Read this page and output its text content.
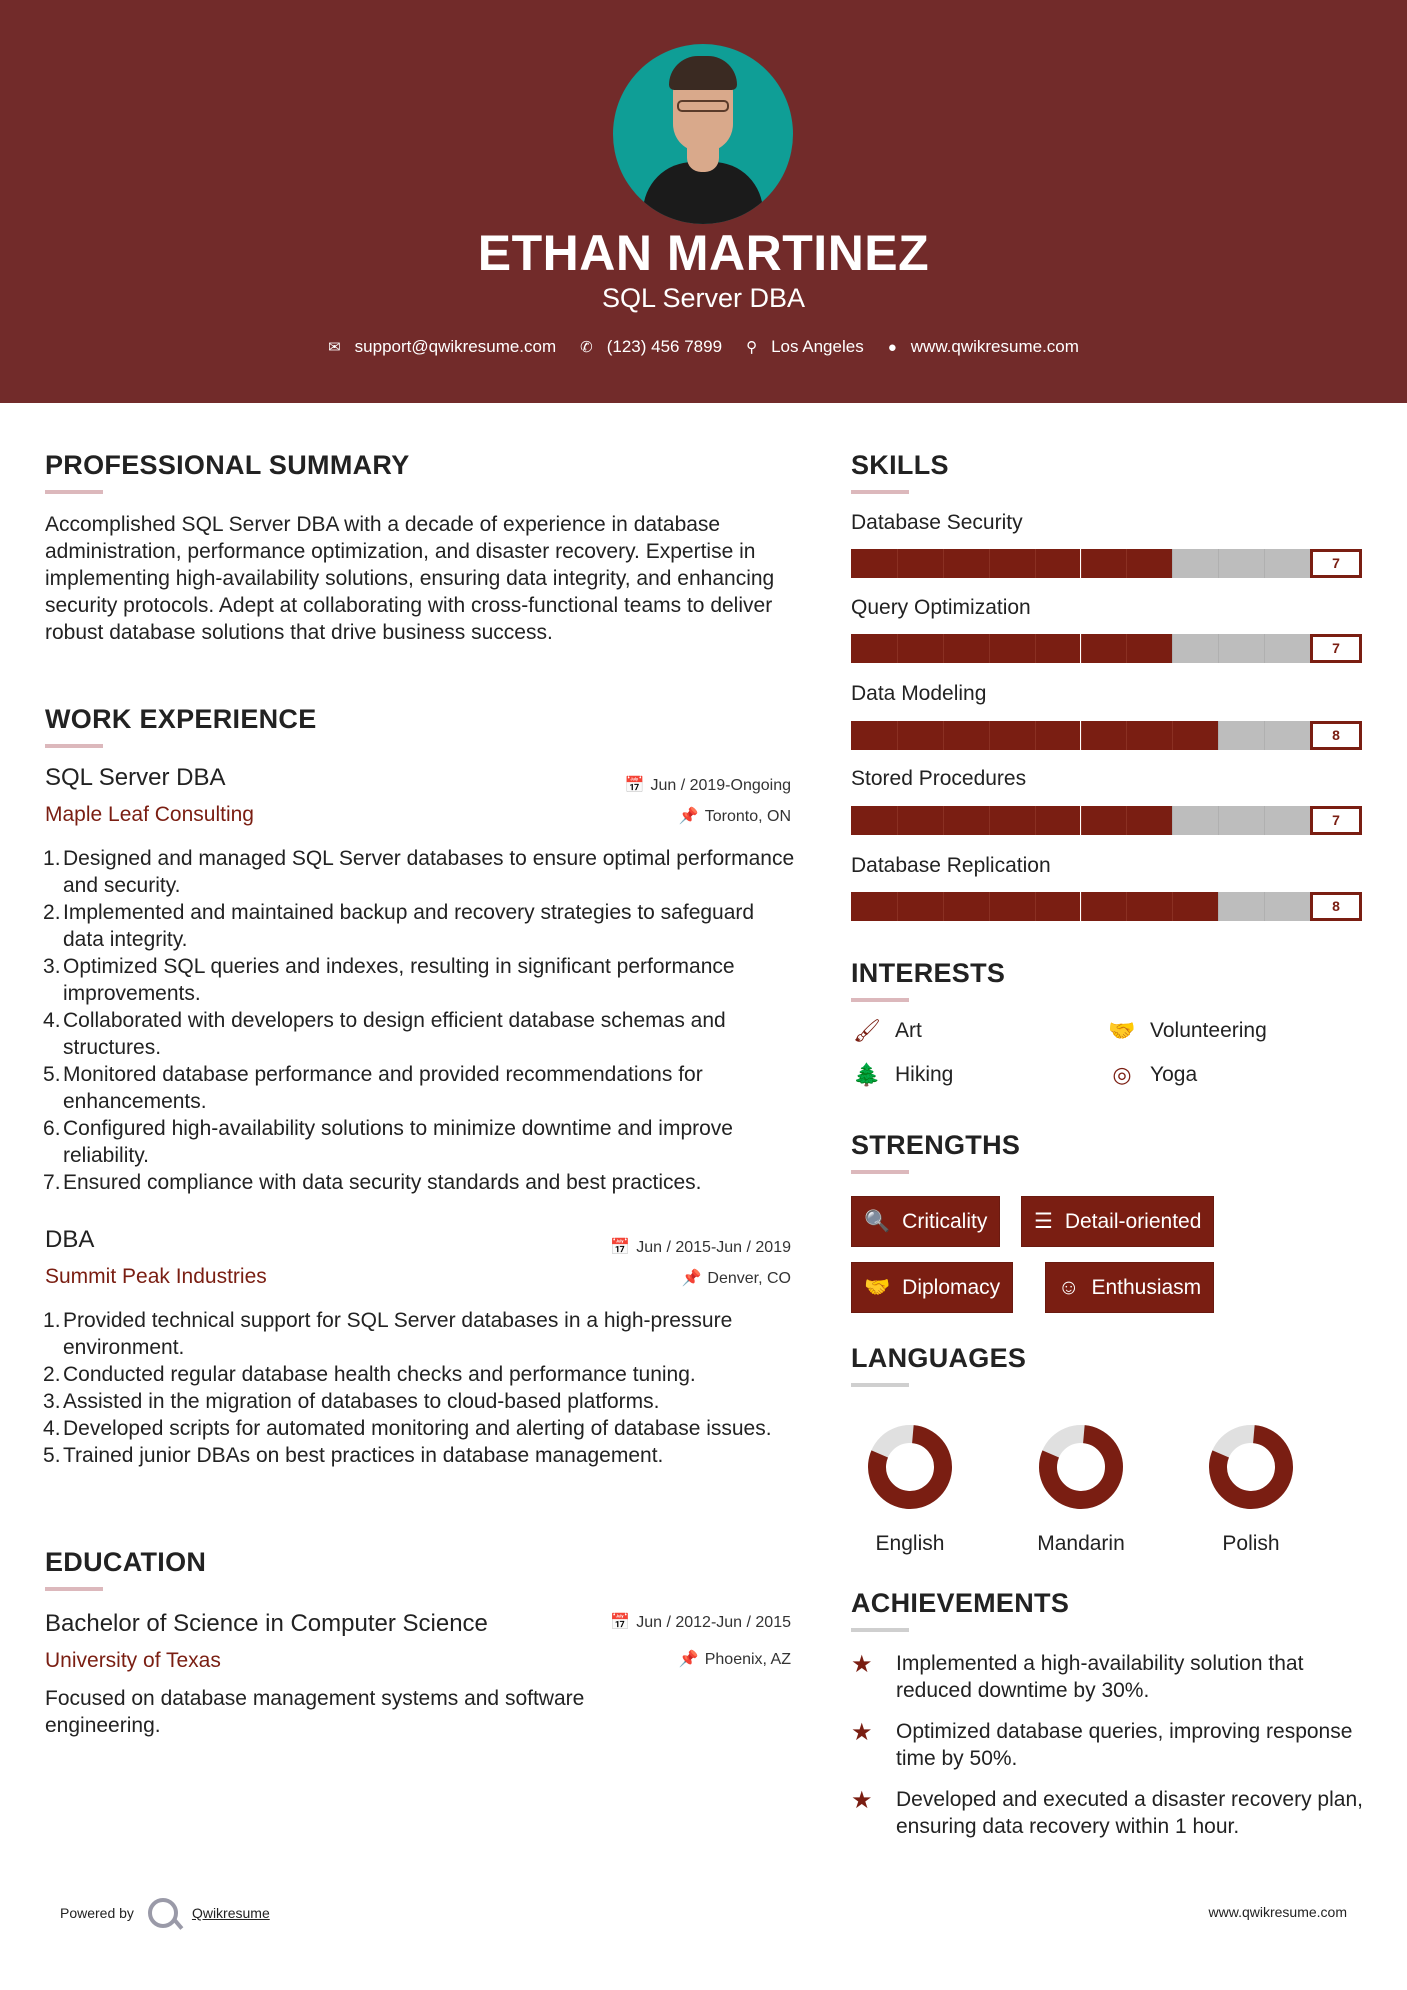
ETHAN MARTINEZ
SQL Server DBA
✉ support@qwikresume.com ✆ (123) 456 7899 ⚲ Los Angeles ● www.qwikresume.com
PROFESSIONAL SUMMARY
Accomplished SQL Server DBA with a decade of experience in database administration, performance optimization, and disaster recovery. Expertise in implementing high-availability solutions, ensuring data integrity, and enhancing security protocols. Adept at collaborating with cross-functional teams to deliver robust database solutions that drive business success.
WORK EXPERIENCE
SQL Server DBA
Maple Leaf Consulting
📅 Jun / 2019-Ongoing
📌 Toronto, ON
Designed and managed SQL Server databases to ensure optimal performance and security.
Implemented and maintained backup and recovery strategies to safeguard data integrity.
Optimized SQL queries and indexes, resulting in significant performance improvements.
Collaborated with developers to design efficient database schemas and structures.
Monitored database performance and provided recommendations for enhancements.
Configured high-availability solutions to minimize downtime and improve reliability.
Ensured compliance with data security standards and best practices.
DBA
Summit Peak Industries
📅 Jun / 2015-Jun / 2019
📌 Denver, CO
Provided technical support for SQL Server databases in a high-pressure environment.
Conducted regular database health checks and performance tuning.
Assisted in the migration of databases to cloud-based platforms.
Developed scripts for automated monitoring and alerting of database issues.
Trained junior DBAs on best practices in database management.
EDUCATION
Bachelor of Science in Computer Science
University of Texas
📅 Jun / 2012-Jun / 2015
📌 Phoenix, AZ
Focused on database management systems and software engineering.
SKILLS
Database Security
7
Query Optimization
7
Data Modeling
8
Stored Procedures
7
Database Replication
8
INTERESTS
🖌 Art	🤝 Volunteering
🌲 Hiking	◎ Yoga
STRENGTHS
🔍 Criticality ☰ Detail-oriented
🤝 Diplomacy	☺ Enthusiasm
LANGUAGES
English	Mandarin	Polish
ACHIEVEMENTS
★	Implemented a high-availability solution that reduced downtime by 30%.
★	Optimized database queries, improving response time by 50%.
★	Developed and executed a disaster recovery plan, ensuring data recovery within 1 hour.
Powered by	Qwikresume	www.qwikresume.com
